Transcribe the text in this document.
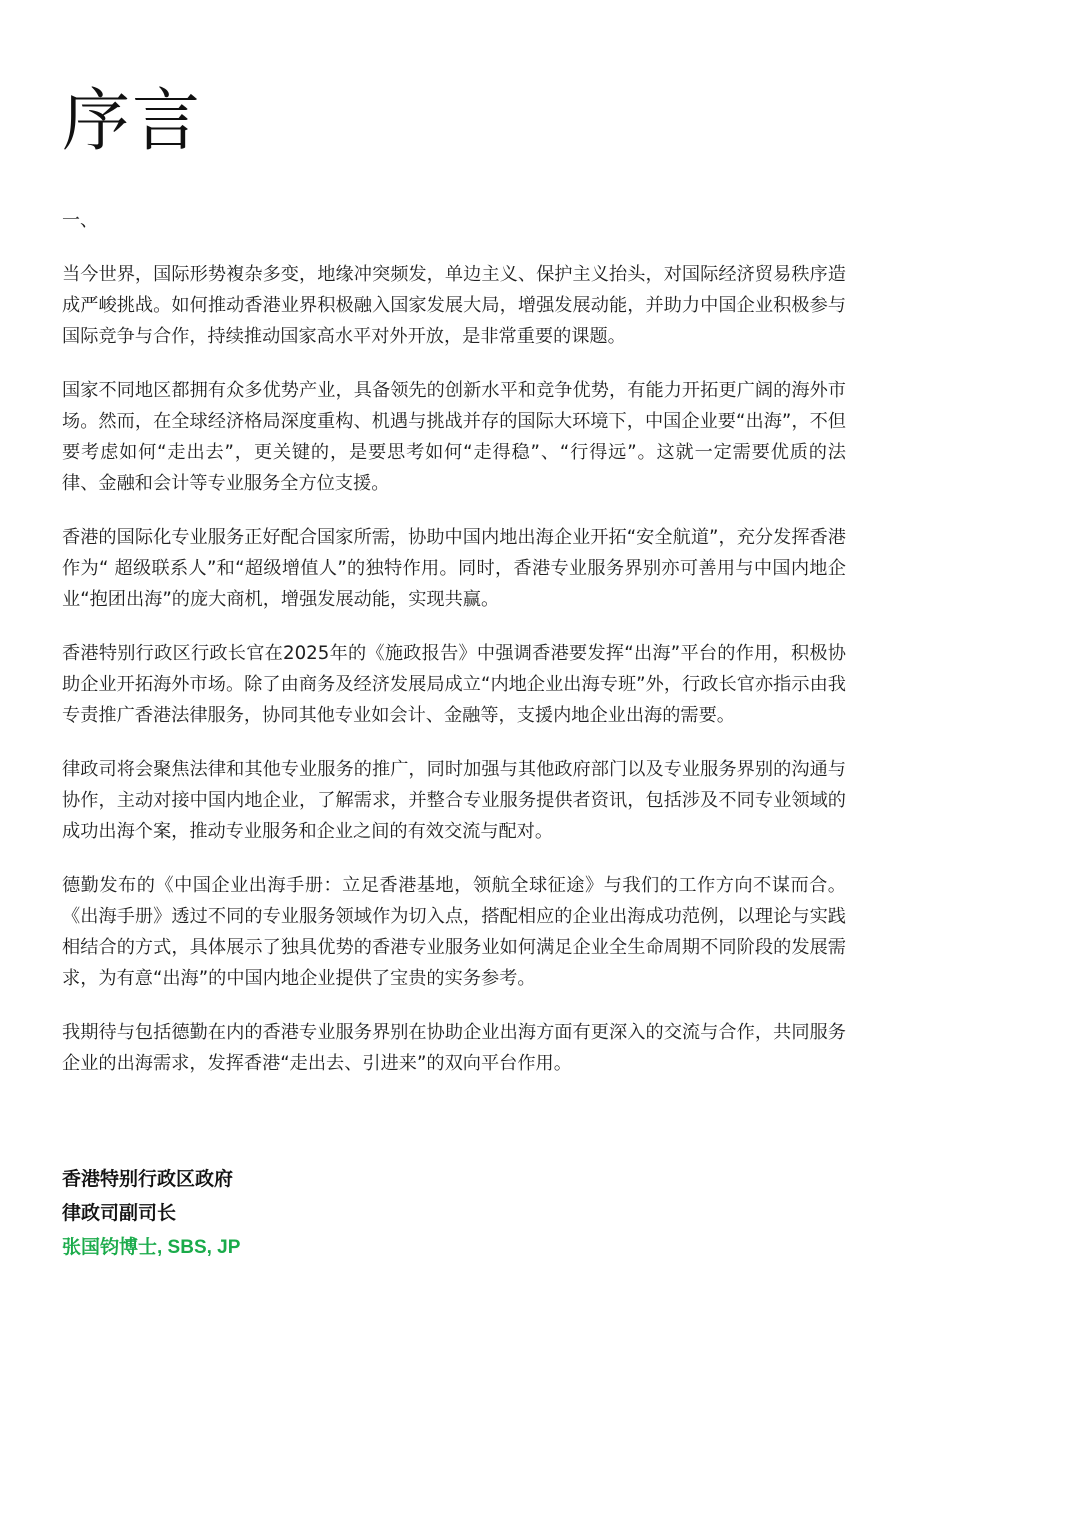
序言
一、

当今世界，国际形势複杂多变，地缘冲突频发，单边主义、保护主义抬头，对国际经济贸易秩序造成严峻挑战。如何推动香港业界积极融入国家发展大局，增强发展动能，并助力中国企业积极参与国际竞争与合作，持续推动国家高水平对外开放，是非常重要的课题。

国家不同地区都拥有众多优势产业，具备领先的创新水平和竞争优势，有能力开拓更广阔的海外市场。然而，在全球经济格局深度重构、机遇与挑战并存的国际大环境下，中国企业要“出海”，不但要考虑如何“走出去”，更关键的，是要思考如何“走得稳”、“行得远”。这就一定需要优质的法律、金融和会计等专业服务全方位支援。

香港的国际化专业服务正好配合国家所需，协助中国内地出海企业开拓“安全航道”，充分发挥香港作为“ 超级联系人”和“超级增值人”的独特作用。同时，香港专业服务界别亦可善用与中国内地企业“抱团出海”的庞大商机，增强发展动能，实现共赢。

香港特别行政区行政长官在2025年的《施政报告》中强调香港要发挥“出海”平台的作用，积极协助企业开拓海外市场。除了由商务及经济发展局成立“内地企业出海专班”外，行政长官亦指示由我专责推广香港法律服务，协同其他专业如会计、金融等，支援内地企业出海的需要。

律政司将会聚焦法律和其他专业服务的推广，同时加强与其他政府部门以及专业服务界别的沟通与协作，主动对接中国内地企业，了解需求，并整合专业服务提供者资讯，包括涉及不同专业领域的成功出海个案，推动专业服务和企业之间的有效交流与配对。

德勤发布的《中国企业出海手册：立足香港基地，领航全球征途》与我们的工作方向不谋而合。《出海手册》透过不同的专业服务领域作为切入点，搭配相应的企业出海成功范例，以理论与实践相结合的方式，具体展示了独具优势的香港专业服务业如何满足企业全生命周期不同阶段的发展需求，为有意“出海”的中国内地企业提供了宝贵的实务参考。

我期待与包括德勤在内的香港专业服务界别在协助企业出海方面有更深入的交流与合作，共同服务企业的出海需求，发挥香港“走出去、引进来”的双向平台作用。

香港特别行政区政府
律政司副司长
张国钧博士, SBS, JP
